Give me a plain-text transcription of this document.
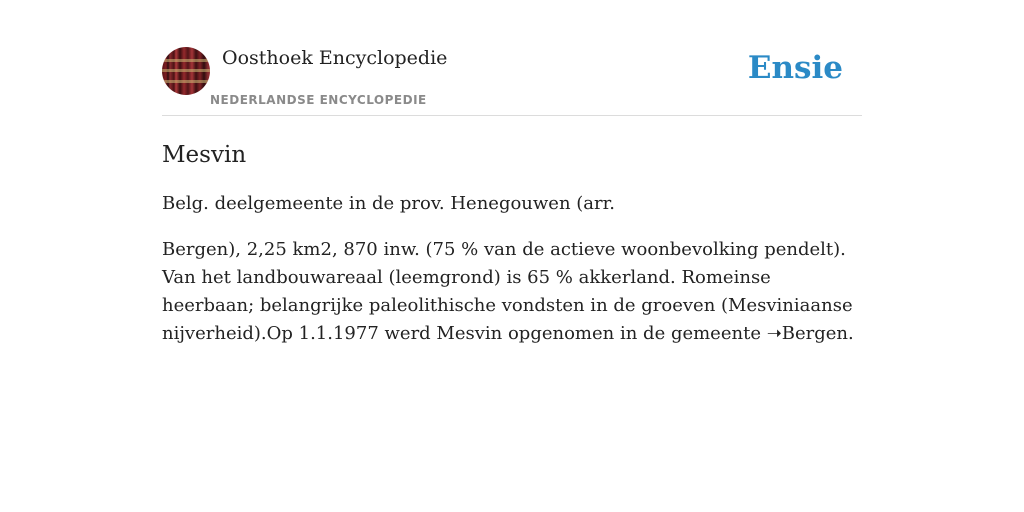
Oosthoek Encyclopedie
NEDERLANDSE ENCYCLOPEDIE
Ensie
Mesvin

Belg. deelgemeente in de prov. Henegouwen (arr.

Bergen), 2,25 km2, 870 inw. (75 % van de actieve woonbevolking pendelt). Van het landbouwareaal (leemgrond) is 65 % akkerland. Romeinse heerbaan; belangrijke paleolithische vondsten in de groeven (Mesviniaanse nijverheid).Op 1.1.1977 werd Mesvin opgenomen in de gemeente ➝Bergen.
